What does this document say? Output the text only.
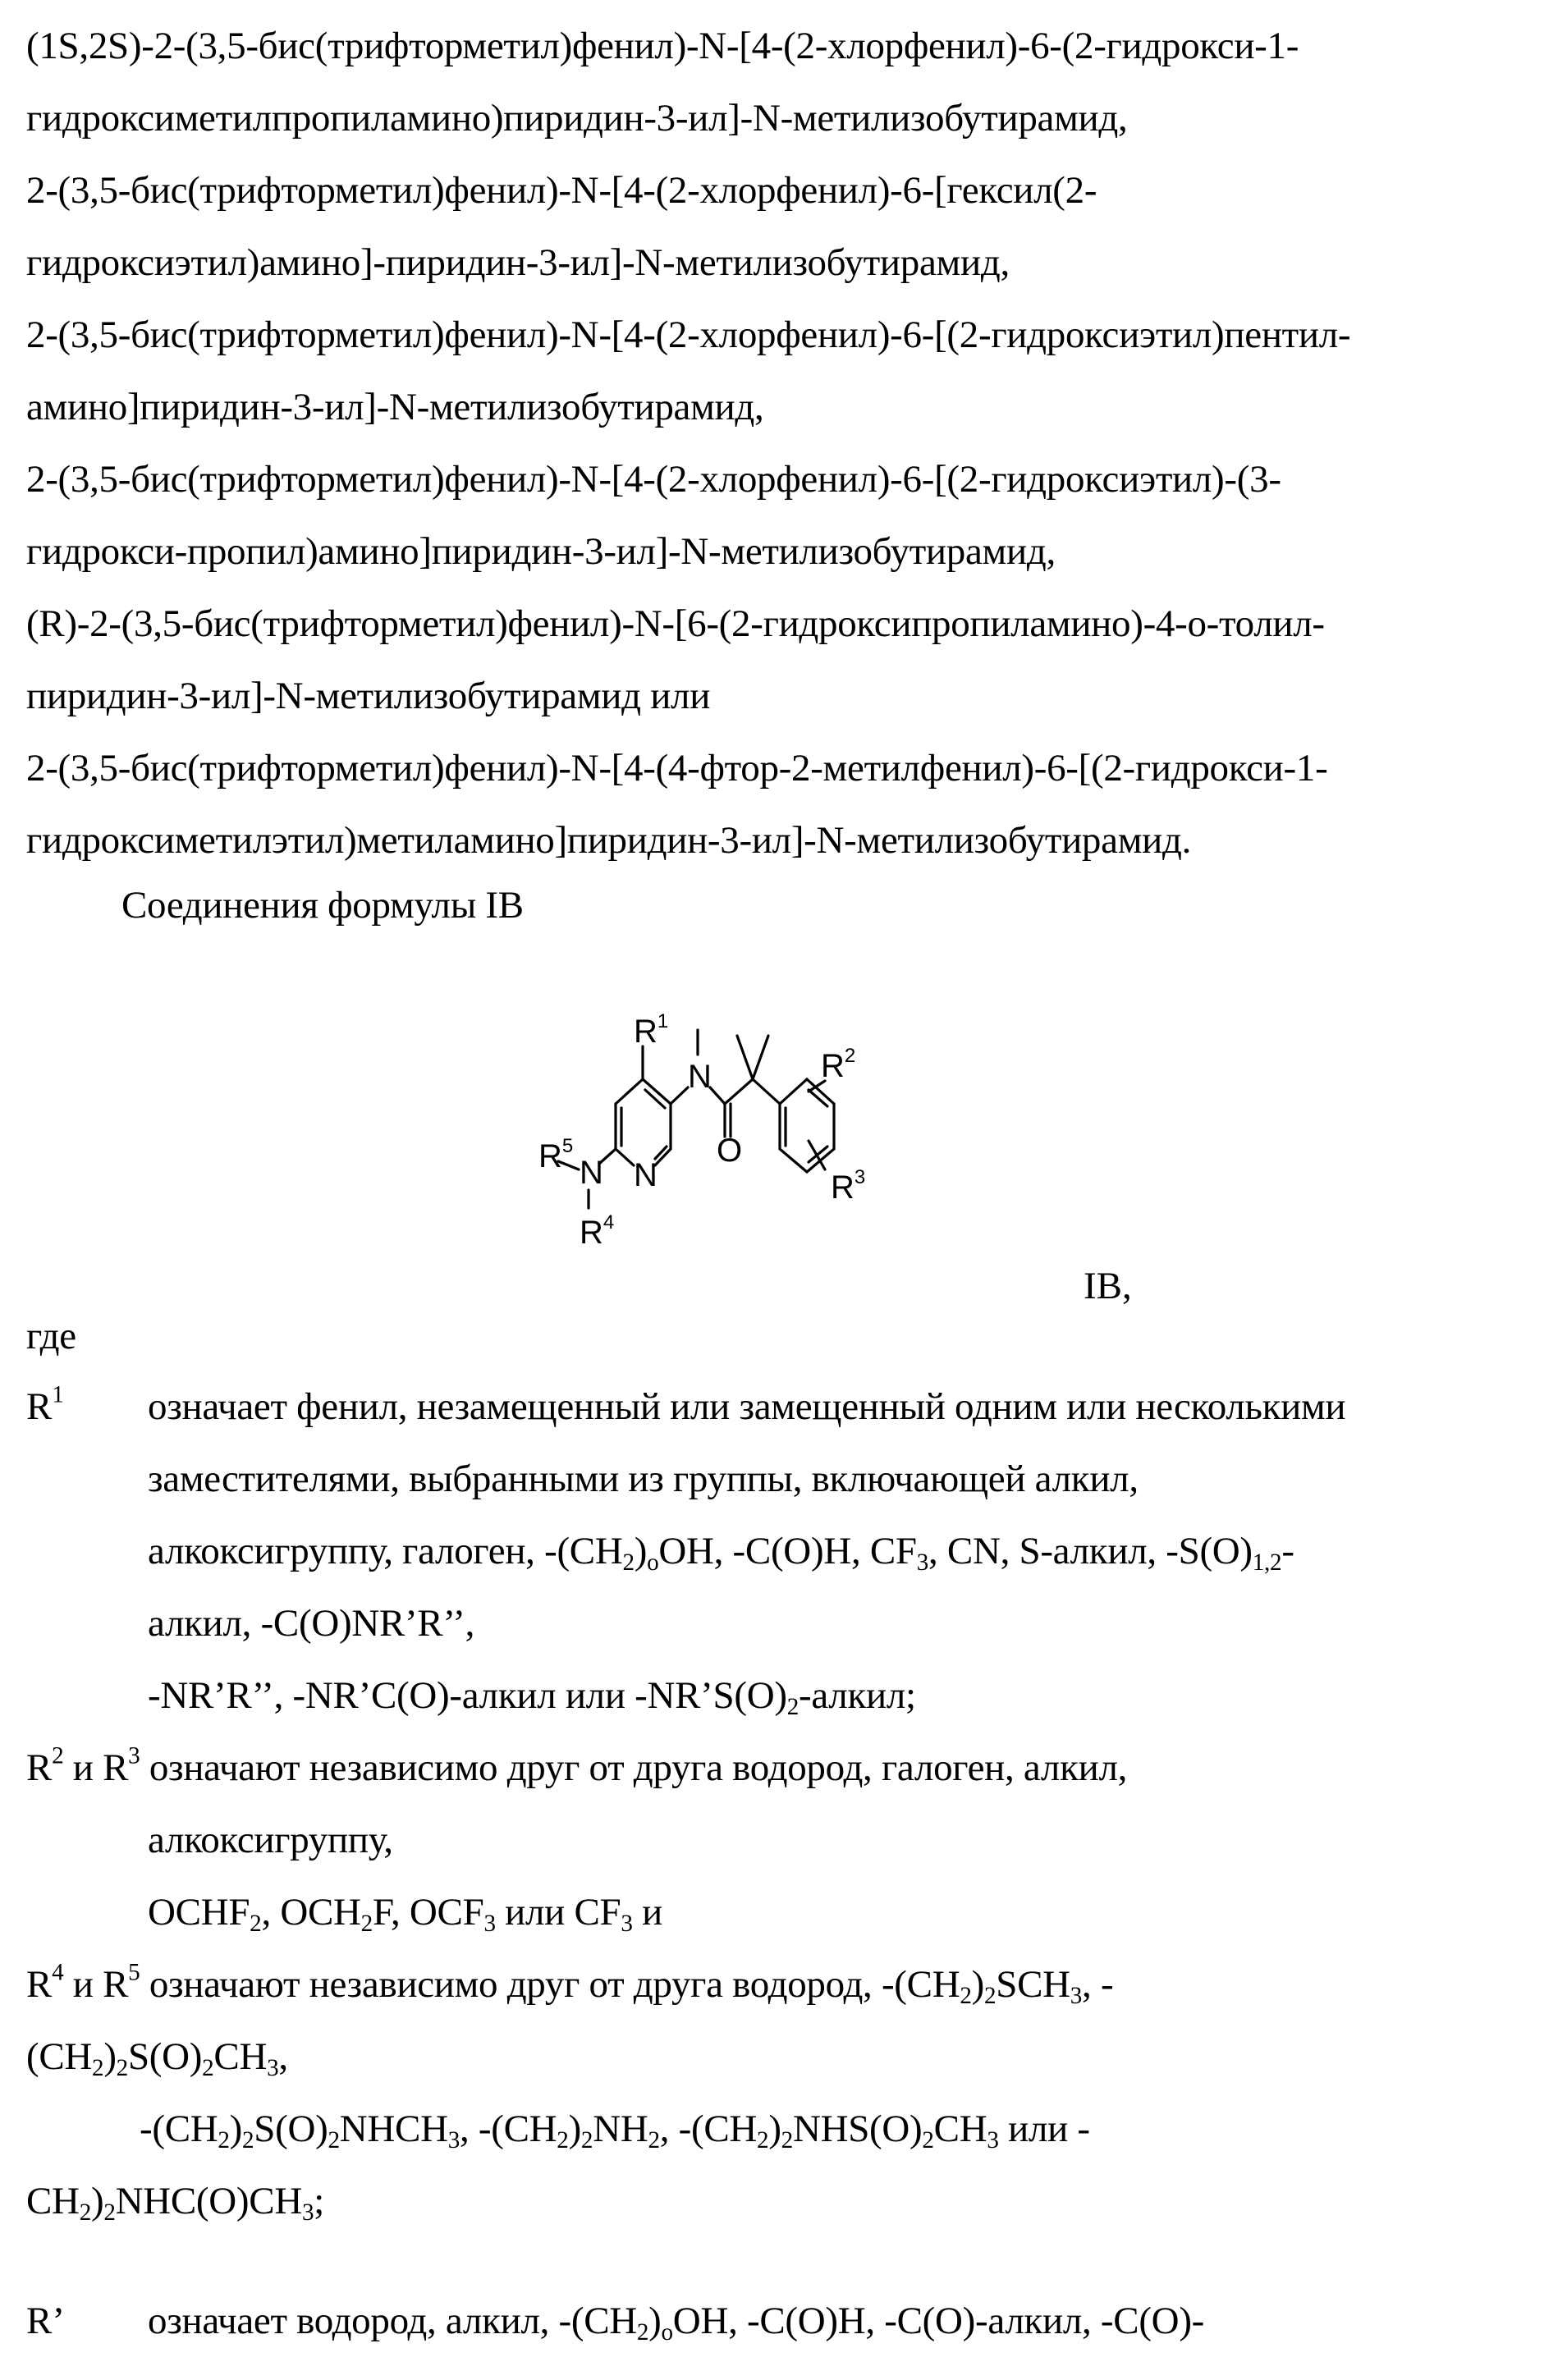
(1S,2S)-2-(3,5-бис(трифторметил)фенил)-N-[4-(2-хлорфенил)-6-(2-гидрокси-1-
гидроксиметилпропиламино)пиридин-3-ил]-N-метилизобутирамид,
2-(3,5-бис(трифторметил)фенил)-N-[4-(2-хлорфенил)-6-[гексил(2-
гидроксиэтил)амино]-пиридин-3-ил]-N-метилизобутирамид,
2-(3,5-бис(трифторметил)фенил)-N-[4-(2-хлорфенил)-6-[(2-гидроксиэтил)пентил-
амино]пиридин-3-ил]-N-метилизобутирамид,
2-(3,5-бис(трифторметил)фенил)-N-[4-(2-хлорфенил)-6-[(2-гидроксиэтил)-(3-
гидрокси-пропил)амино]пиридин-3-ил]-N-метилизобутирамид,
(R)-2-(3,5-бис(трифторметил)фенил)-N-[6-(2-гидроксипропиламино)-4-о-толил-
пиридин-3-ил]-N-метилизобутирамид или
2-(3,5-бис(трифторметил)фенил)-N-[4-(4-фтор-2-метилфенил)-6-[(2-гидрокси-1-
гидроксиметилэтил)метиламино]пиридин-3-ил]-N-метилизобутирамид.
Соединения формулы IB
$R^1$
N
O
$R^2$
$R^3$
N
N
$R^5$
$R^4$
IB,
где
$R^1$ означает фенил, незамещенный или замещенный одним или несколькими
заместителями, выбранными из группы, включающей алкил,
алкоксигруппу, галоген, $-(CH_2)_oOH$, -C(O)H, $CF_3$, CN, S-алкил, $-S(O)_{1,2}-$
алкил, -C(O)NR’R’’,
-NR’R’’, -NR’C(O)-алкил или $-NR’S(O)_2$-алкил;
$R^2$ и $R^3$ означают независимо друг от друга водород, галоген, алкил,
алкоксигруппу,
$OCHF_2$, $OCH_2F$, $OCF_3$ или $CF_3$ и
$R^4$ и $R^5$ означают независимо друг от друга водород, $-(CH_2)_2SCH_3$, -
$(CH_2)_2S(O)_2CH_3$,
$-(CH_2)_2S(O)_2NHCH_3$, $-(CH_2)_2NH_2$, $-(CH_2)_2NHS(O)_2CH_3$ или -
$CH_2)_2NHC(O)CH_3$;
R’ означает водород, алкил, $-(CH_2)_oOH$, -C(O)H, -C(O)-алкил, -C(O)-
